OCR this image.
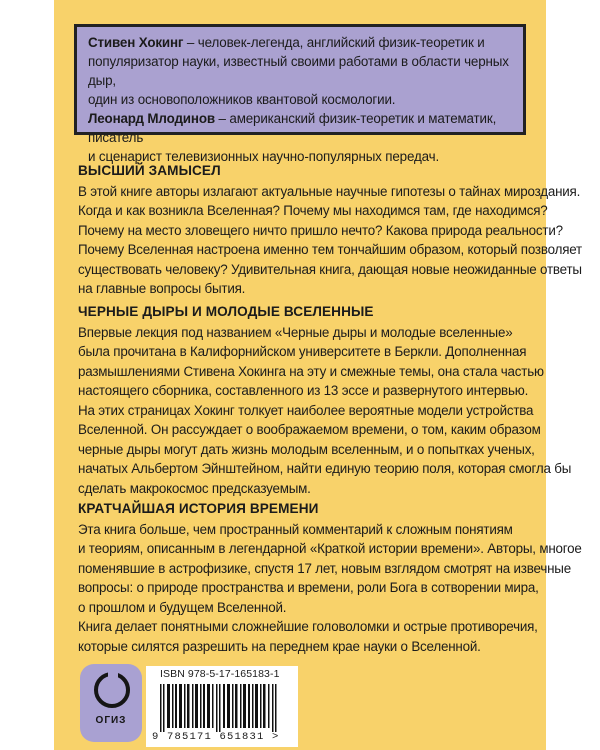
Стивен Хокинг – человек-легенда, английский физик-теоретик и
популяризатор науки, известный своими работами в области черных дыр,
один из основоположников квантовой космологии.

Леонард Млодинов – американский физик-теоретик и математик, писатель
и сценарист телевизионных научно-популярных передач.

ВЫСШИЙ ЗАМЫСЕЛ
В этой книге авторы излагают актуальные научные гипотезы о тайнах мироздания.
Когда и как возникла Вселенная? Почему мы находимся там, где находимся?
Почему на место зловещего ничто пришло нечто? Какова природа реальности?
Почему Вселенная настроена именно тем тончайшим образом, который позволяет
существовать человеку? Удивительная книга, дающая новые неожиданные ответы
на главные вопросы бытия.
ЧЕРНЫЕ ДЫРЫ И МОЛОДЫЕ ВСЕЛЕННЫЕ
Впервые лекция под названием «Черные дыры и молодые вселенные»
была прочитана в Калифорнийском университете в Беркли. Дополненная
размышлениями Стивена Хокинга на эту и смежные темы, она стала частью
настоящего сборника, составленного из 13 эссе и развернутого интервью.
На этих страницах Хокинг толкует наиболее вероятные модели устройства
Вселенной. Он рассуждает о воображаемом времени, о том, каким образом
черные дыры могут дать жизнь молодым вселенным, и о попытках ученых,
начатых Альбертом Эйнштейном, найти единую теорию поля, которая смогла бы
сделать макрокосмос предсказуемым.
КРАТЧАЙШАЯ ИСТОРИЯ ВРЕМЕНИ
Эта книга больше, чем пространный комментарий к сложным понятиям
и теориям, описанным в легендарной «Краткой истории времени». Авторы, многое
поменявшие в астрофизике, спустя 17 лет, новым взглядом смотрят на извечные
вопросы: о природе пространства и времени, роли Бога в сотворении мира,
о прошлом и будущем Вселенной.
Книга делает понятными сложнейшие головоломки и острые противоречия,
которые силятся разрешить на переднем крае науки о Вселенной.
ОГИЗ
ISBN 978-5-17-165183-1
9 785171 651831 >
